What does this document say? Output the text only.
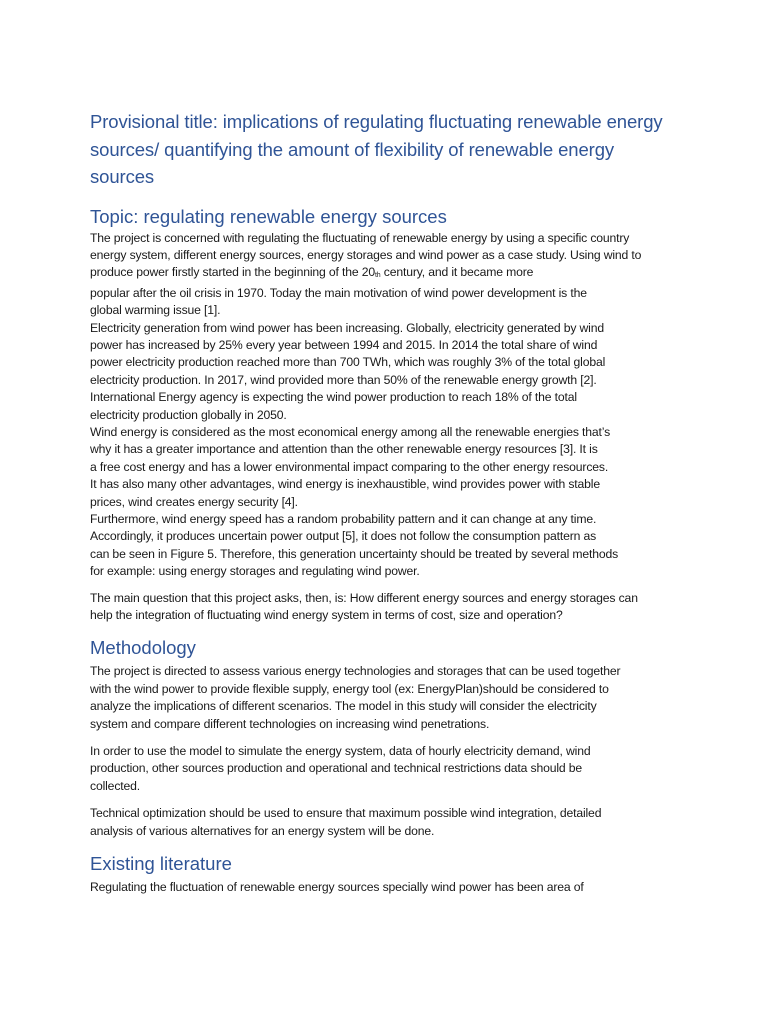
Provisional title: implications of regulating fluctuating renewable energy
sources/ quantifying the amount of flexibility of renewable energy
sources
Topic: regulating renewable energy sources
The project is concerned with regulating the fluctuating of renewable energy by using a specific country
energy system, different energy sources, energy storages and wind power as a case study. Using wind to
produce power firstly started in the beginning of the 20th century, and it became more
popular after the oil crisis in 1970. Today the main motivation of wind power development is the
global warming issue [1].
Electricity generation from wind power has been increasing. Globally, electricity generated by wind
power has increased by 25% every year between 1994 and 2015. In 2014 the total share of wind
power electricity production reached more than 700 TWh, which was roughly 3% of the total global
electricity production. In 2017, wind provided more than 50% of the renewable energy growth [2].
International Energy agency is expecting the wind power production to reach 18% of the total
electricity production globally in 2050.
Wind energy is considered as the most economical energy among all the renewable energies that’s
why it has a greater importance and attention than the other renewable energy resources [3]. It is
a free cost energy and has a lower environmental impact comparing to the other energy resources.
It has also many other advantages, wind energy is inexhaustible, wind provides power with stable
prices, wind creates energy security [4].
Furthermore, wind energy speed has a random probability pattern and it can change at any time.
Accordingly, it produces uncertain power output [5], it does not follow the consumption pattern as
can be seen in Figure 5. Therefore, this generation uncertainty should be treated by several methods
for example: using energy storages and regulating wind power.
The main question that this project asks, then, is: How different energy sources and energy storages can
help the integration of fluctuating wind energy system in terms of cost, size and operation?
Methodology
The project is directed to assess various energy technologies and storages that can be used together
with the wind power to provide flexible supply, energy tool (ex: EnergyPlan)should be considered to
analyze the implications of different scenarios. The model in this study will consider the electricity
system and compare different technologies on increasing wind penetrations.
In order to use the model to simulate the energy system, data of hourly electricity demand, wind
production, other sources production and operational and technical restrictions data should be
collected.
Technical optimization should be used to ensure that maximum possible wind integration, detailed
analysis of various alternatives for an energy system will be done.
Existing literature
Regulating the fluctuation of renewable energy sources specially wind power has been area of
